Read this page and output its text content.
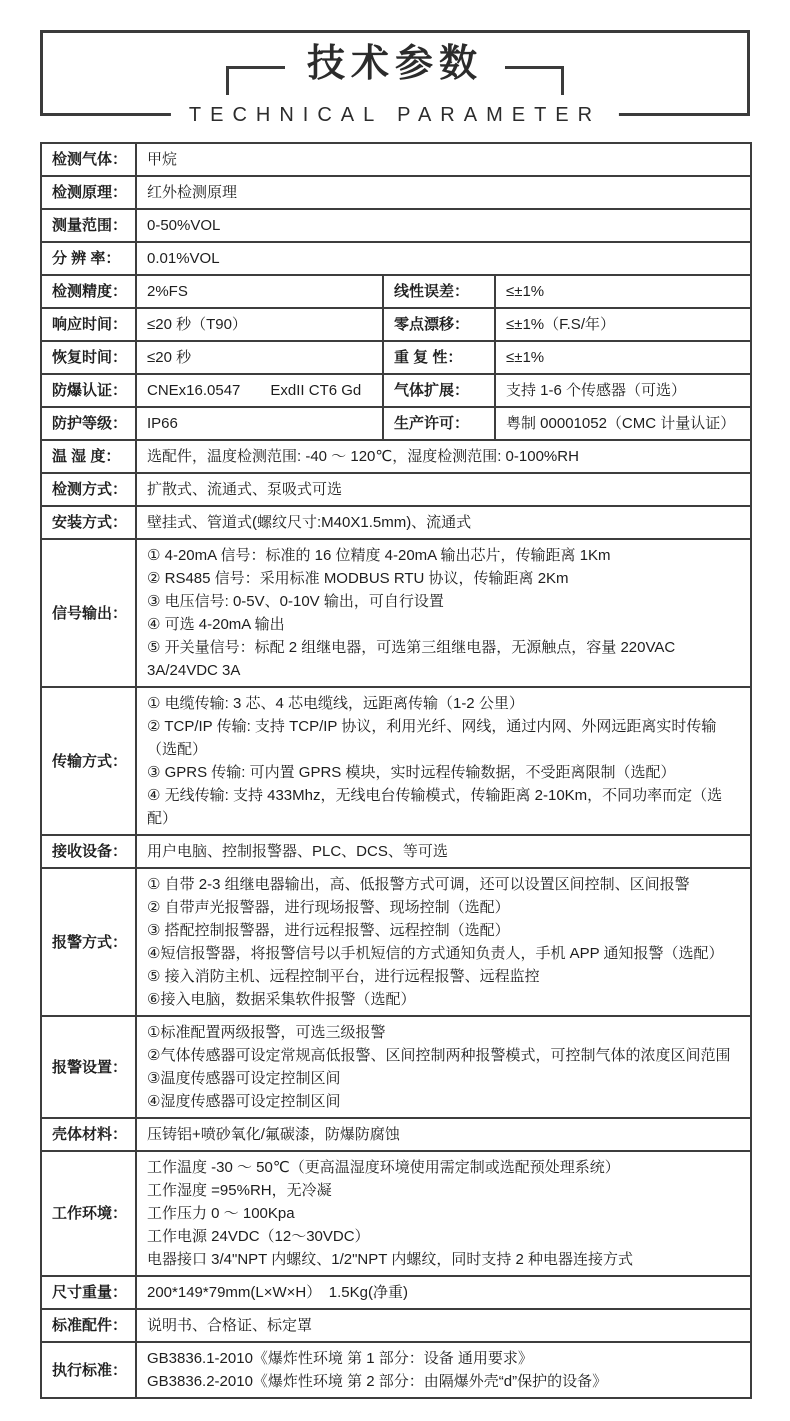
技术参数
TECHNICAL PARAMETER
检测气体：	甲烷		
检测原理：	红外检测原理		
测量范围：	0-50%VOL		
分 辨 率：	0.01%VOL		
检测精度：	2%FS	线性误差：	≤±1%
响应时间：	≤20 秒（T90）	零点漂移：	≤±1%（F.S/年）
恢复时间：	≤20 秒	重 复 性：	≤±1%
防爆认证：	CNEx16.0547　　ExdII CT6 Gd	气体扩展：	支持 1-6 个传感器（可选）
防护等级：	IP66	生产许可：	粤制 00001052（CMC 计量认证）
温 湿 度：	选配件，温度检测范围: -40 ～ 120℃，湿度检测范围: 0-100%RH		
检测方式：	扩散式、流通式、泵吸式可选		
安装方式：	壁挂式、管道式(螺纹尺寸:M40X1.5mm)、流通式		
信号输出：	① 4-20mA 信号：标准的 16 位精度 4-20mA 输出芯片，传输距离 1Km
② RS485 信号：采用标准 MODBUS RTU 协议，传输距离 2Km
③ 电压信号: 0-5V、0-10V 输出，可自行设置
④ 可选 4-20mA 输出
⑤ 开关量信号：标配 2 组继电器，可选第三组继电器，无源触点，容量 220VAC 3A/24VDC 3A		

传输方式：	① 电缆传输: 3 芯、4 芯电缆线，远距离传输（1-2 公里）
② TCP/IP 传输: 支持 TCP/IP 协议，利用光纤、网线，通过内网、外网远距离实时传输（选配）
③ GPRS 传输: 可内置 GPRS 模块，实时远程传输数据，不受距离限制（选配）
④ 无线传输: 支持 433Mhz，无线电台传输模式，传输距离 2-10Km，不同功率而定（选配）		

接收设备：	用户电脑、控制报警器、PLC、DCS、等可选		
报警方式：	
① 自带 2-3 组继电器输出，高、低报警方式可调，还可以设置区间控制、区间报警
② 自带声光报警器，进行现场报警、现场控制（选配）
③ 搭配控制报警器，进行远程报警、远程控制（选配）
④短信报警器，将报警信号以手机短信的方式通知负责人，手机 APP 通知报警（选配）
⑤ 接入消防主机、远程控制平台，进行远程报警、远程监控
⑥接入电脑，数据采集软件报警（选配）

报警设置：	①标准配置两级报警，可选三级报警
②气体传感器可设定常规高低报警、区间控制两种报警模式，可控制气体的浓度区间范围
③温度传感器可设定控制区间
④湿度传感器可设定控制区间		

壳体材料：	压铸铝+喷砂氧化/氟碳漆，防爆防腐蚀		
工作环境：	工作温度 -30 ～ 50℃（更高温湿度环境使用需定制或选配预处理系统）
工作湿度 =95%RH，无冷凝
工作压力 0 ～ 100Kpa
工作电源 24VDC（12～30VDC）
电器接口 3/4"NPT 内螺纹、1/2"NPT 内螺纹，同时支持 2 种电器连接方式		

尺寸重量：	200*149*79mm(L×W×H）　1.5Kg(净重)		
标准配件：	说明书、合格证、标定罩		
执行标准：	GB3836.1-2010《爆炸性环境 第 1 部分：设备 通用要求》
GB3836.2-2010《爆炸性环境 第 2 部分：由隔爆外壳“d”保护的设备》		
